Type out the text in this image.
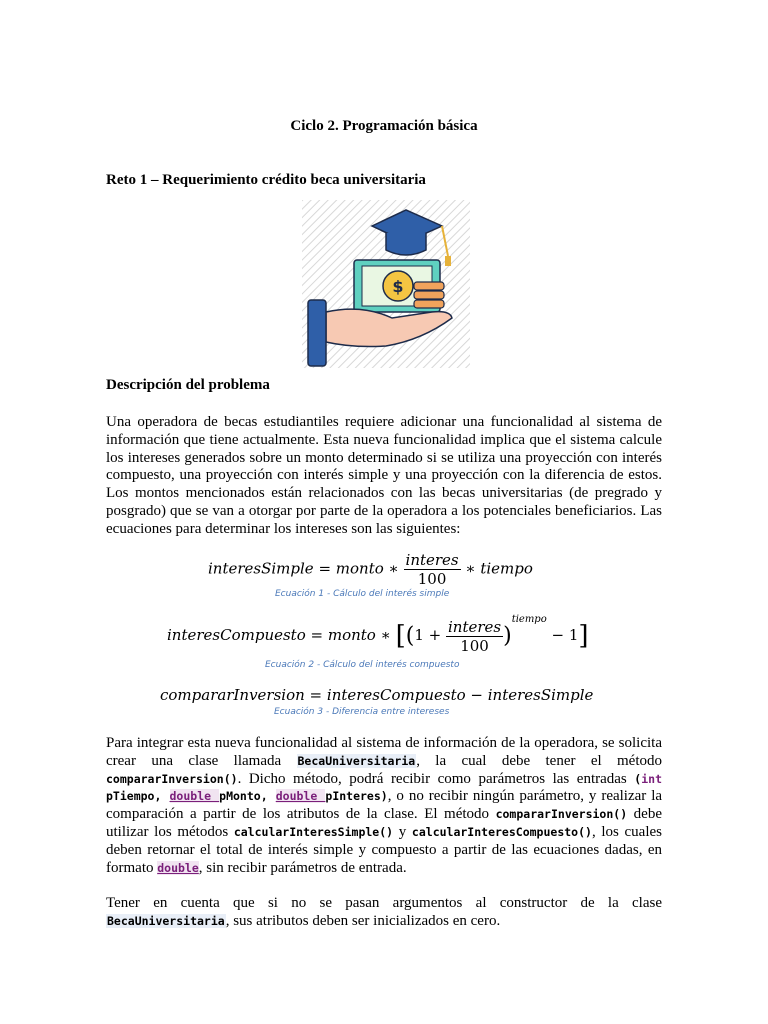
Ciclo 2. Programación básica
Reto 1 – Requerimiento crédito beca universitaria
$
Descripción del problema
Una operadora de becas estudiantiles requiere adicionar una funcionalidad al sistema de información que tiene actualmente. Esta nueva funcionalidad implica que el sistema calcule los intereses generados sobre un monto determinado si se utiliza una proyección con interés compuesto, una proyección con interés simple y una proyección con la diferencia de estos. Los montos mencionados están relacionados con las becas universitarias (de pregrado y posgrado) que se van a otorgar por parte de la operadora a los potenciales beneficiarios. Las ecuaciones para determinar los intereses son las siguientes:
interesSimple = monto ∗ $\frac{\text{interes}}{100}$ ∗ tiempo
Ecuación 1 - Cálculo del interés simple
interesCompuesto = monto ∗ $[(1 + \frac{\text{interes}}{100} )^{tiempo} - 1]$
Ecuación 2 - Cálculo del interés compuesto
compararInversion = interesCompuesto − interesSimple
Ecuación 3 - Diferencia entre intereses
Para integrar esta nueva funcionalidad al sistema de información de la operadora, se solicita crear una clase llamada BecaUniversitaria, la cual debe tener el método compararInversion(). Dicho método, podrá recibir como parámetros las entradas (int pTiempo, double pMonto, double pInteres), o no recibir ningún parámetro, y realizar la comparación a partir de los atributos de la clase. El método compararInversion() debe utilizar los métodos calcularInteresSimple() y calcularInteresCompuesto(), los cuales deben retornar el total de interés simple y compuesto a partir de las ecuaciones dadas, en formato double, sin recibir parámetros de entrada.
Tener en cuenta que si no se pasan argumentos al constructor de la clase BecaUniversitaria, sus atributos deben ser inicializados en cero.
